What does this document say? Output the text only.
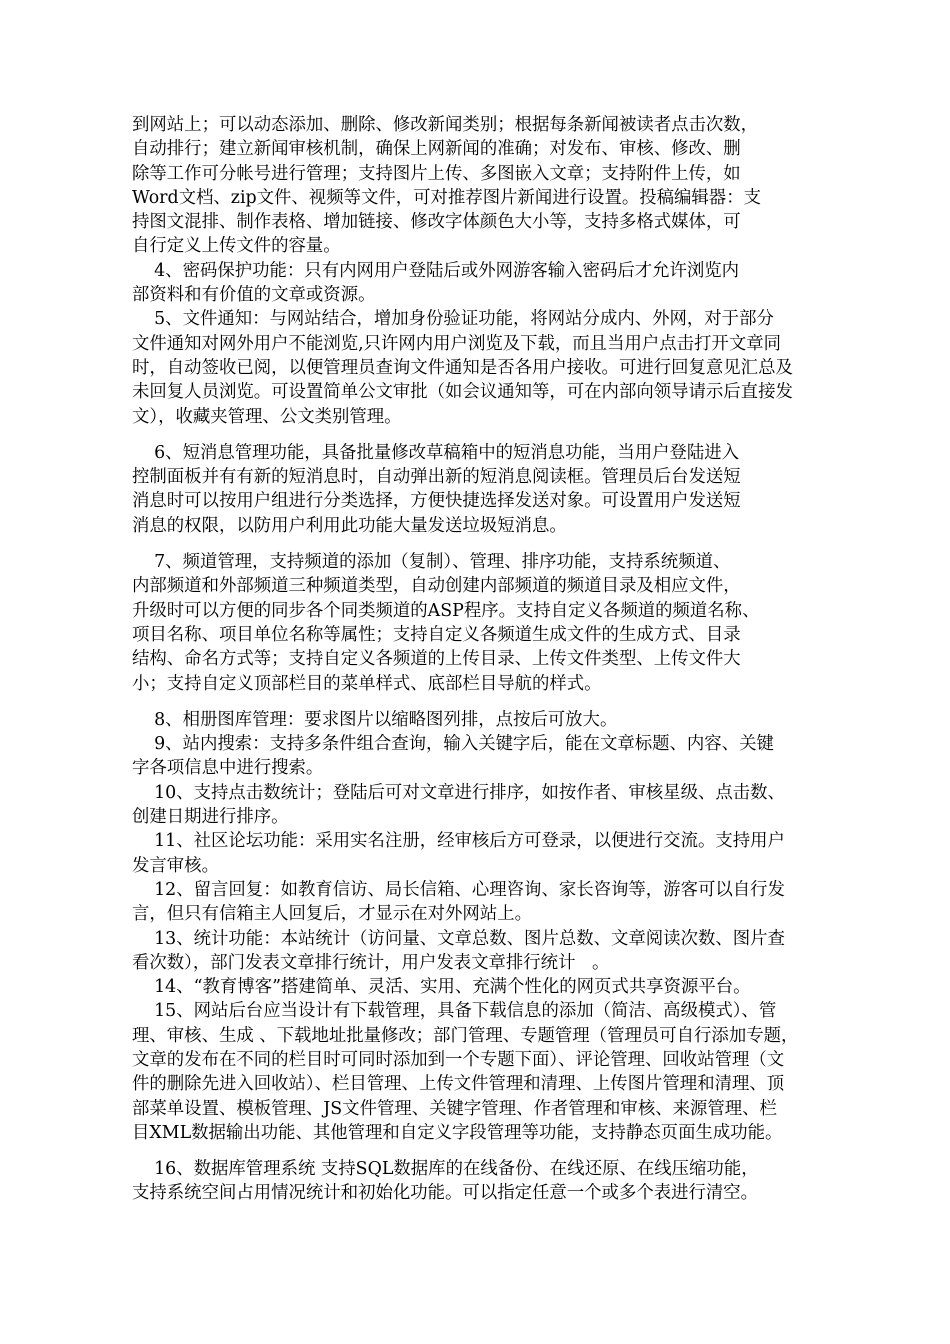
到网站上；可以动态添加、删除、修改新闻类别；根据每条新闻被读者点击次数，
自动排行；建立新闻审核机制，确保上网新闻的准确；对发布、审核、修改、删
除等工作可分帐号进行管理；支持图片上传、多图嵌入文章；支持附件上传，如
Word文档、zip文件、视频等文件，可对推荐图片新闻进行设置。投稿编辑器：支
持图文混排、制作表格、增加链接、修改字体颜色大小等，支持多格式媒体，可
自行定义上传文件的容量。
4、密码保护功能：只有内网用户登陆后或外网游客输入密码后才允许浏览内
部资料和有价值的文章或资源。
5、文件通知：与网站结合，增加身份验证功能，将网站分成内、外网，对于部分
文件通知对网外用户不能浏览,只许网内用户浏览及下载，而且当用户点击打开文章同
时，自动签收已阅，以便管理员查询文件通知是否各用户接收。可进行回复意见汇总及
未回复人员浏览。可设置简单公文审批（如会议通知等，可在内部向领导请示后直接发
文），收藏夹管理、公文类别管理。
6、短消息管理功能，具备批量修改草稿箱中的短消息功能，当用户登陆进入
控制面板并有有新的短消息时，自动弹出新的短消息阅读框。管理员后台发送短
消息时可以按用户组进行分类选择，方便快捷选择发送对象。可设置用户发送短
消息的权限，以防用户利用此功能大量发送垃圾短消息。
7、频道管理，支持频道的添加（复制）、管理、排序功能，支持系统频道、
内部频道和外部频道三种频道类型，自动创建内部频道的频道目录及相应文件，
升级时可以方便的同步各个同类频道的ASP程序。支持自定义各频道的频道名称、
项目名称、项目单位名称等属性；支持自定义各频道生成文件的生成方式、目录
结构、命名方式等；支持自定义各频道的上传目录、上传文件类型、上传文件大
小；支持自定义顶部栏目的菜单样式、底部栏目导航的样式。
8、相册图库管理：要求图片以缩略图列排，点按后可放大。
9、站内搜索：支持多条件组合查询，输入关键字后，能在文章标题、内容、关键
字各项信息中进行搜索。
10、支持点击数统计；登陆后可对文章进行排序，如按作者、审核星级、点击数、
创建日期进行排序。
11、社区论坛功能：采用实名注册，经审核后方可登录，以便进行交流。支持用户
发言审核。
12、留言回复：如教育信访、局长信箱、心理咨询、家长咨询等，游客可以自行发
言，但只有信箱主人回复后，才显示在对外网站上。
13、统计功能：本站统计（访问量、文章总数、图片总数、文章阅读次数、图片查
看次数），部门发表文章排行统计，用户发表文章排行统计   。
14、“教育博客”搭建简单、灵活、实用、充满个性化的网页式共享资源平台。
15、网站后台应当设计有下载管理，具备下载信息的添加（简洁、高级模式）、管
理、审核、生成 、下载地址批量修改；部门管理、专题管理（管理员可自行添加专题，
文章的发布在不同的栏目时可同时添加到一个专题下面）、评论管理、回收站管理（文
件的删除先进入回收站）、栏目管理、上传文件管理和清理、上传图片管理和清理、顶
部菜单设置、模板管理、JS文件管理、关键字管理、作者管理和审核、来源管理、栏
目XML数据输出功能、其他管理和自定义字段管理等功能，支持静态页面生成功能。
16、数据库管理系统 支持SQL数据库的在线备份、在线还原、在线压缩功能，
支持系统空间占用情况统计和初始化功能。可以指定任意一个或多个表进行清空。
